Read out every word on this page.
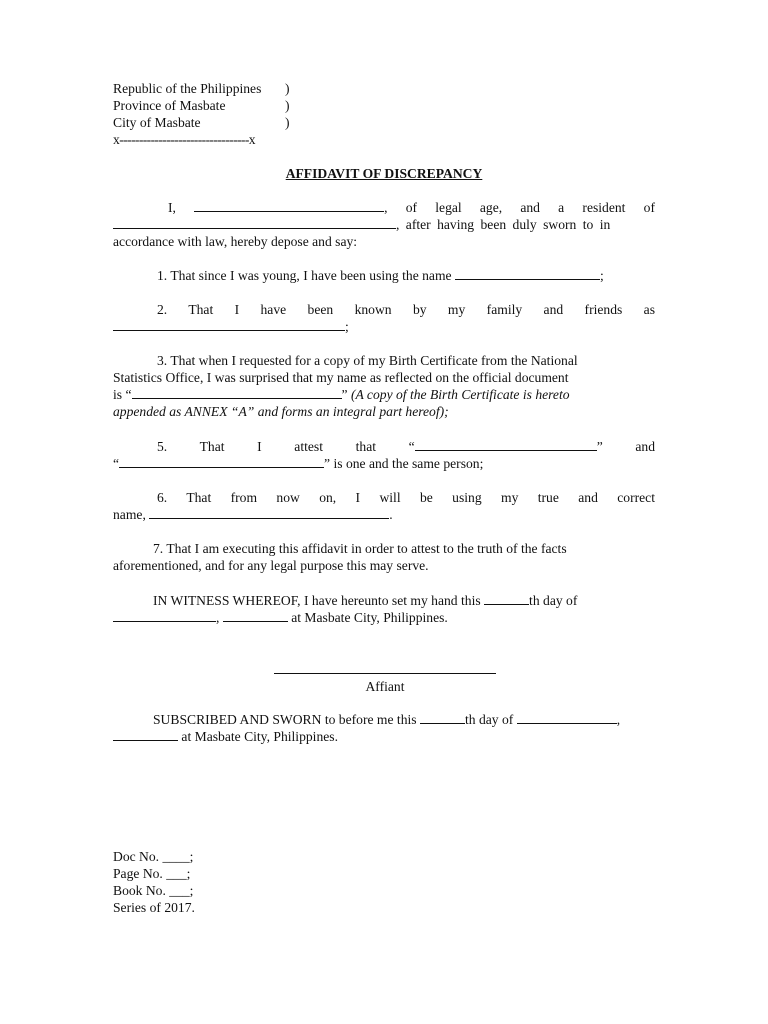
Republic of the Philippines
Province of Masbate
City of Masbate
x---------------------------------x
)
)
)
AFFIDAVIT OF DISCREPANCY
I,	, of legal age, and a resident of
, after having been duly sworn to in
accordance with law, hereby depose and say:
1. That since I was young, I have been using the name	;
2. That I have been known by my family and friends as
;
3. That when I requested for a copy of my Birth Certificate from the National
Statistics Office, I was surprised that my name as reflected on the official document
is “	” (A copy of the Birth Certificate is hereto
appended as ANNEX “A” and forms an integral part hereof);
5. That I attest that “	” and
“	” is one and the same person;
6. That from now on, I will be using my true and correct
name,	.
7. That I am executing this affidavit in order to attest to the truth of the facts
aforementioned, and for any legal purpose this may serve.
IN WITNESS WHEREOF, I have hereunto set my hand this	th day of
,	at Masbate City, Philippines.
Affiant
SUBSCRIBED AND SWORN to before me this	th day of	,
at Masbate City, Philippines.
Doc No. ____;
Page No. ___;
Book No. ___;
Series of 2017.
